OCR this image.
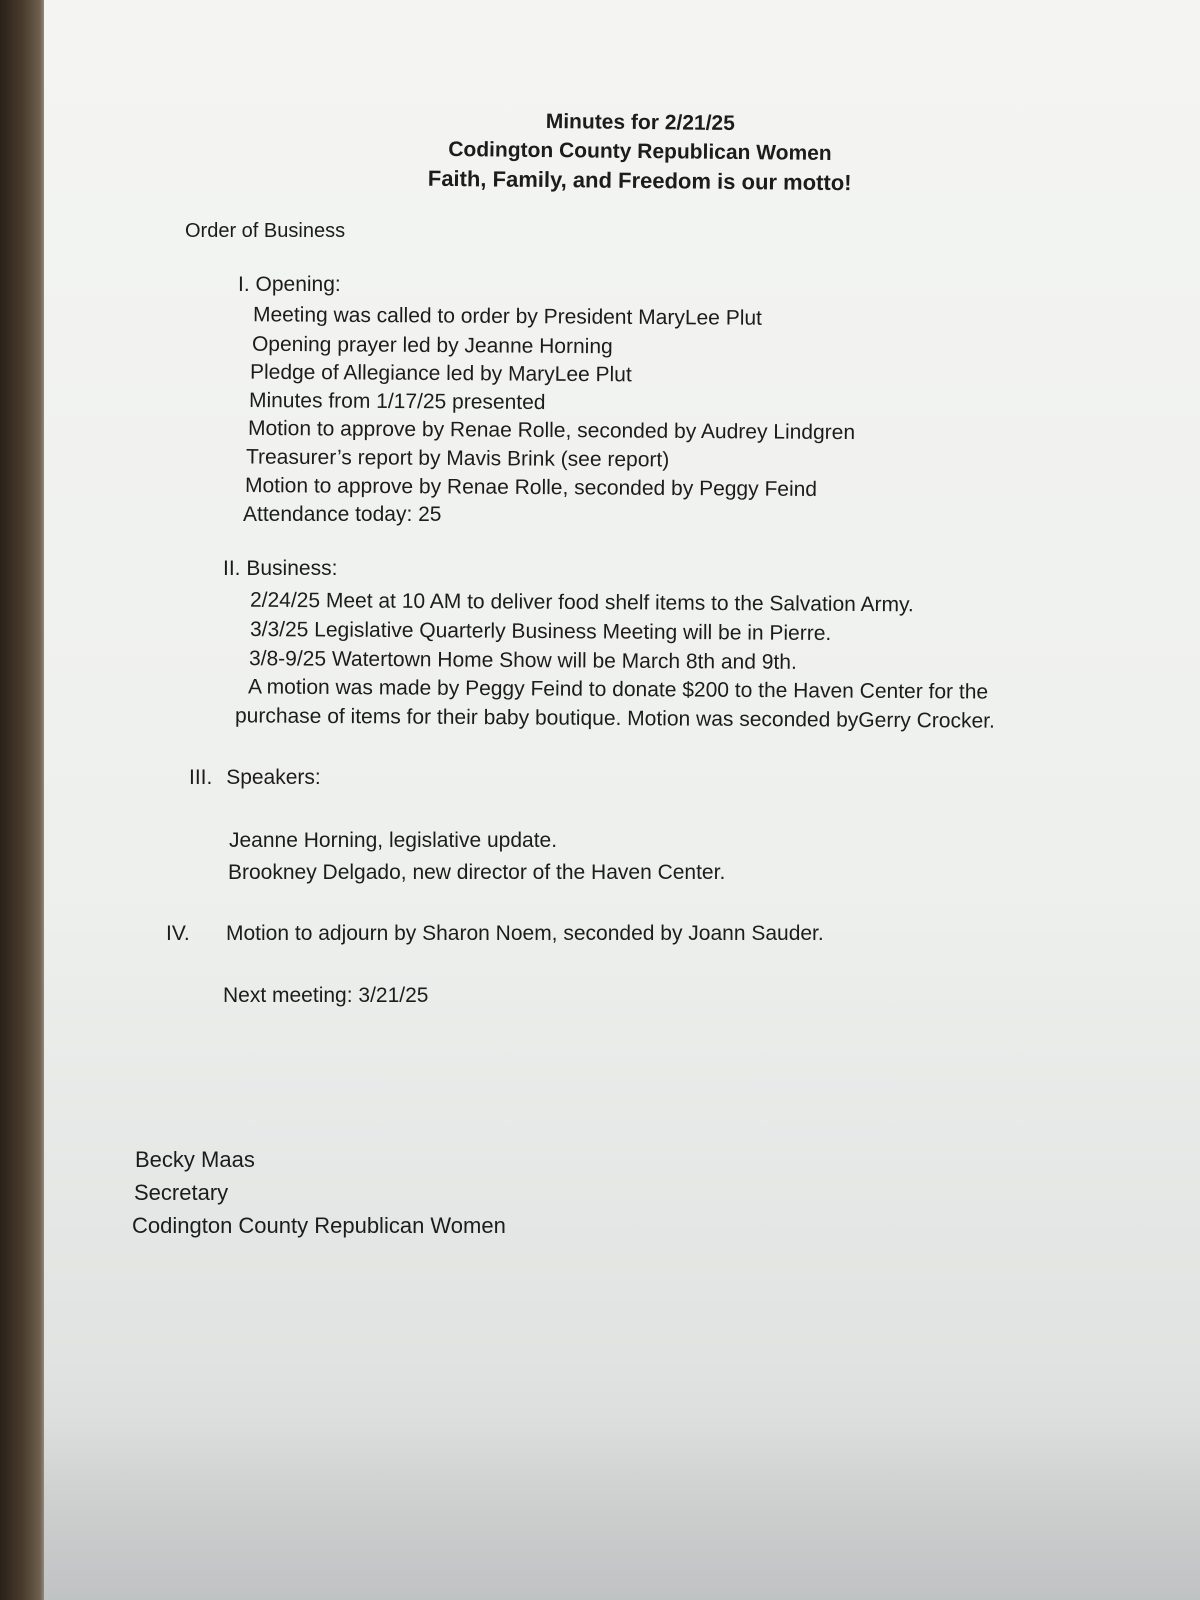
Minutes for 2/21/25
Codington County Republican Women
Faith, Family, and Freedom is our motto!
Order of Business
I. Opening:
Meeting was called to order by President MaryLee Plut
Opening prayer led by Jeanne Horning
Pledge of Allegiance led by MaryLee Plut
Minutes from 1/17/25 presented
Motion to approve by Renae Rolle, seconded by Audrey Lindgren
Treasurer’s report by Mavis Brink (see report)
Motion to approve by Renae Rolle, seconded by Peggy Feind
Attendance today: 25
II. Business:
2/24/25 Meet at 10 AM to deliver food shelf items to the Salvation Army.
3/3/25 Legislative Quarterly Business Meeting will be in Pierre.
3/8-9/25 Watertown Home Show will be March 8th and 9th.
A motion was made by Peggy Feind to donate $200 to the Haven Center for the
purchase of items for their baby boutique. Motion was seconded byGerry Crocker.
III. Speakers:
Jeanne Horning, legislative update.
Brookney Delgado, new director of the Haven Center.
IV. Motion to adjourn by Sharon Noem, seconded by Joann Sauder.
Next meeting: 3/21/25
Becky Maas
Secretary
Codington County Republican Women
